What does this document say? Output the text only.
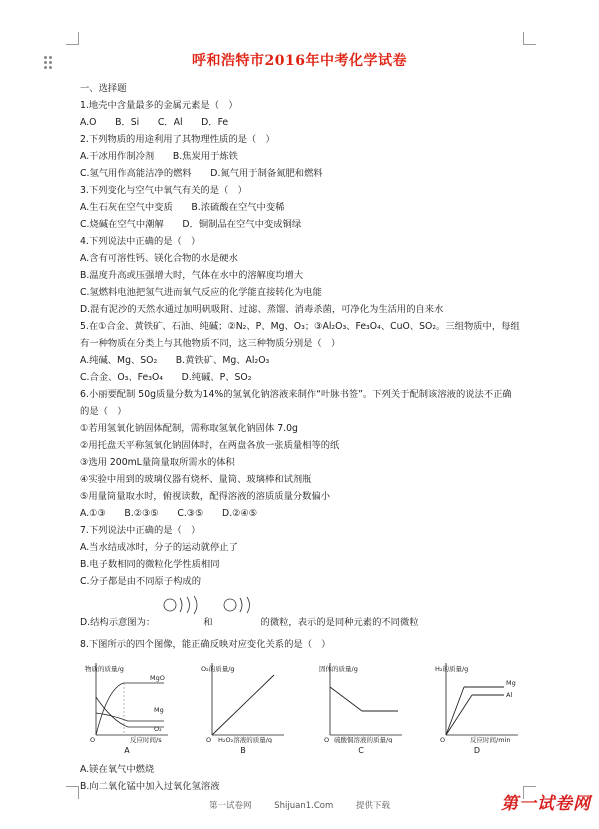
呼和浩特市2016年中考化学试卷
一、选择题
1.地壳中含量最多的金属元素是（　）
A.O　　B．Si　　C．Al　　D．Fe
2.下列物质的用途利用了其物理性质的是（　）
A.干冰用作制冷剂　　B.焦炭用于炼铁
C.氢气用作高能洁净的燃料　　D.氮气用于制备氮肥和燃料
3.下列变化与空气中氧气有关的是（　）
A.生石灰在空气中变质　　B.浓硫酸在空气中变稀
C.烧碱在空气中潮解　　D．铜制品在空气中变成铜绿
4.下列说法中正确的是（　）
A.含有可溶性钙、镁化合物的水是硬水
B.温度升高或压强增大时，气体在水中的溶解度均增大
C.氢燃料电池把氢气进而氧气反应的化学能直接转化为电能
D.混有泥沙的天然水通过加明矾吸附、过滤、蒸馏、消毒杀菌，可净化为生活用的自来水
5.在①合金、黄铁矿、石油、纯碱；②N₂、P、Mg、O₃；③Al₂O₃、Fe₃O₄、CuO、SO₂。三组物质中，每组有一种物质在分类上与其他物质不同，这三种物质分别是（　）
A.纯碱、Mg、SO₂　　B.黄铁矿、Mg、Al₂O₃
C.合金、O₃、Fe₃O₄　　D.纯碱、P、SO₂
6.小丽要配制 50g质量分数为14%的氢氧化钠溶液来制作“叶脉书签”。下列关于配制该溶液的说法不正确的是（　）
①若用氢氧化钠固体配制，需称取氢氧化钠固体 7.0g
②用托盘天平称氢氧化钠固体时，在两盘各放一张质量相等的纸
③选用 200mL量筒量取所需水的体积
④实验中用到的玻璃仪器有烧杯、量筒、玻璃棒和试剂瓶
⑤用量筒量取水时，俯视读数，配得溶液的溶质质量分数偏小
A.①③　　B.②③⑤　　C.③⑤　　D.②④⑤
7.下列说法中正确的是（　）
A.当水结成冰时，分子的运动就停止了
B.电子数相同的微粒化学性质相同
C.分子都是由不同原子构成的
D.结构示意图为：	和	的微粒，表示的是同种元素的不同微粒
8.下图所示的四个图像，能正确反映对应变化关系的是（　）
物质的质量/g
MgO
Mg
O₂
O	反应时间/s
A
O₂的质量/g
O H₂O₂溶液的质量/g
B
固体的质量/g
O 硫酸铜溶液的质量/g
C
H₂的质量/g
Mg
Al
O	反应时间/min
D
A.镁在氧气中燃烧
B.向二氧化锰中加入过氧化氢溶液
第一试卷网	Shijuan1.Com	提供下载	第一试卷网
